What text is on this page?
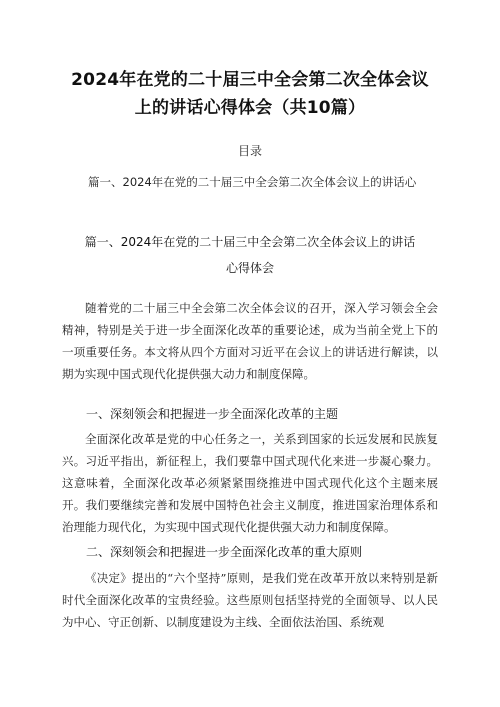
2024年在党的二十届三中全会第二次全体会议
上的讲话心得体会（共10篇）
目录
篇一、2024年在党的二十届三中全会第二次全体会议上的讲话心
篇一、2024年在党的二十届三中全会第二次全体会议上的讲话
心得体会
随着党的二十届三中全会第二次全体会议的召开，深入学习领会全会精神，特别是关于进一步全面深化改革的重要论述，成为当前全党上下的一项重要任务。本文将从四个方面对习近平在会议上的讲话进行解读，以期为实现中国式现代化提供强大动力和制度保障。
一、深刻领会和把握进一步全面深化改革的主题
全面深化改革是党的中心任务之一，关系到国家的长远发展和民族复兴。习近平指出，新征程上，我们要靠中国式现代化来进一步凝心聚力。这意味着，全面深化改革必须紧紧围绕推进中国式现代化这个主题来展开。我们要继续完善和发展中国特色社会主义制度，推进国家治理体系和治理能力现代化，为实现中国式现代化提供强大动力和制度保障。
二、深刻领会和把握进一步全面深化改革的重大原则
《决定》提出的“六个坚持”原则，是我们党在改革开放以来特别是新时代全面深化改革的宝贵经验。这些原则包括坚持党的全面领导、以人民为中心、守正创新、以制度建设为主线、全面依法治国、系统观
